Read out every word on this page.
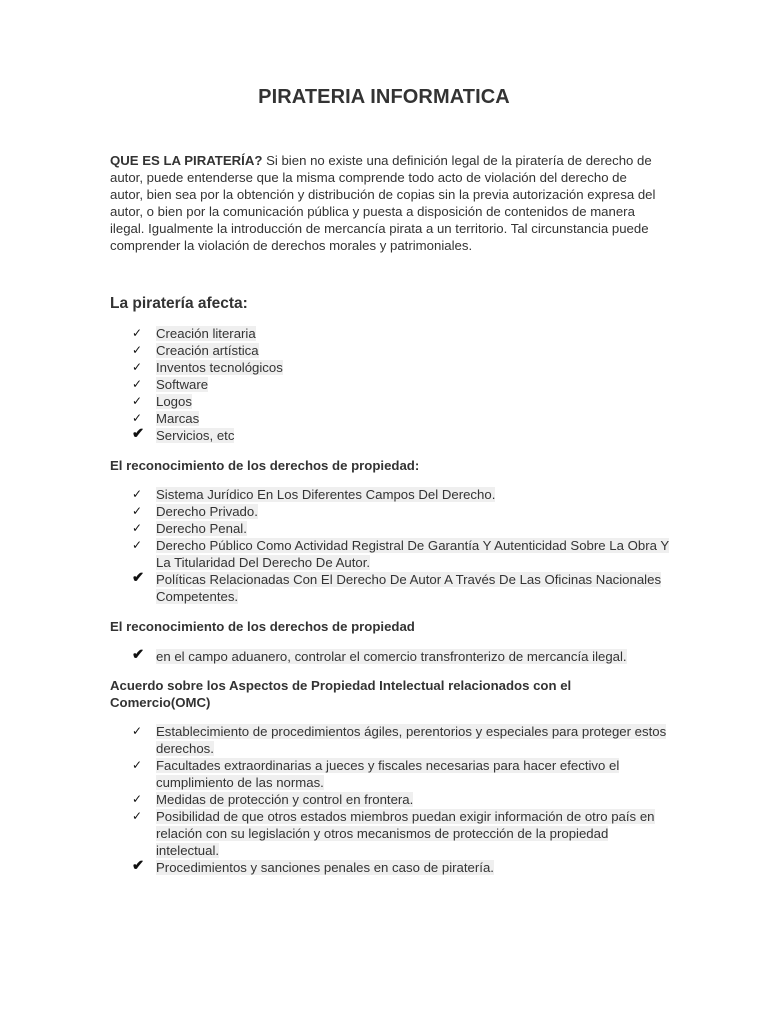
PIRATERIA INFORMATICA

QUE ES LA PIRATERÍA? Si bien no existe una definición legal de la piratería de derecho de autor, puede entenderse que la misma comprende todo acto de violación del derecho de autor, bien sea por la obtención y distribución de copias sin la previa autorización expresa del autor, o bien por la comunicación pública y puesta a disposición de contenidos de manera ilegal. Igualmente la introducción de mercancía pirata a un territorio. Tal circunstancia puede comprender la violación de derechos morales y patrimoniales.

La piratería afecta:
✓ Creación literaria
✓ Creación artística
✓ Inventos tecnológicos
✓ Software
✓ Logos
✓ Marcas
✔ Servicios, etc
El reconocimiento de los derechos de propiedad:
✓ Sistema Jurídico En Los Diferentes Campos Del Derecho.
✓ Derecho Privado.
✓ Derecho Penal.
✓ Derecho Público Como Actividad Registral De Garantía Y Autenticidad Sobre La Obra Y La Titularidad Del Derecho De Autor.
✔ Políticas Relacionadas Con El Derecho De Autor A Través De Las Oficinas Nacionales Competentes.
El reconocimiento de los derechos de propiedad
✔ en el campo aduanero, controlar el comercio transfronterizo de mercancía ilegal.
Acuerdo sobre los Aspectos de Propiedad Intelectual relacionados con el Comercio(OMC)
✓ Establecimiento de procedimientos ágiles, perentorios y especiales para proteger estos derechos.
✓ Facultades extraordinarias a jueces y fiscales necesarias para hacer efectivo el cumplimiento de las normas.
✓ Medidas de protección y control en frontera.
✓ Posibilidad de que otros estados miembros puedan exigir información de otro país en relación con su legislación y otros mecanismos de protección de la propiedad intelectual.
✔ Procedimientos y sanciones penales en caso de piratería.
